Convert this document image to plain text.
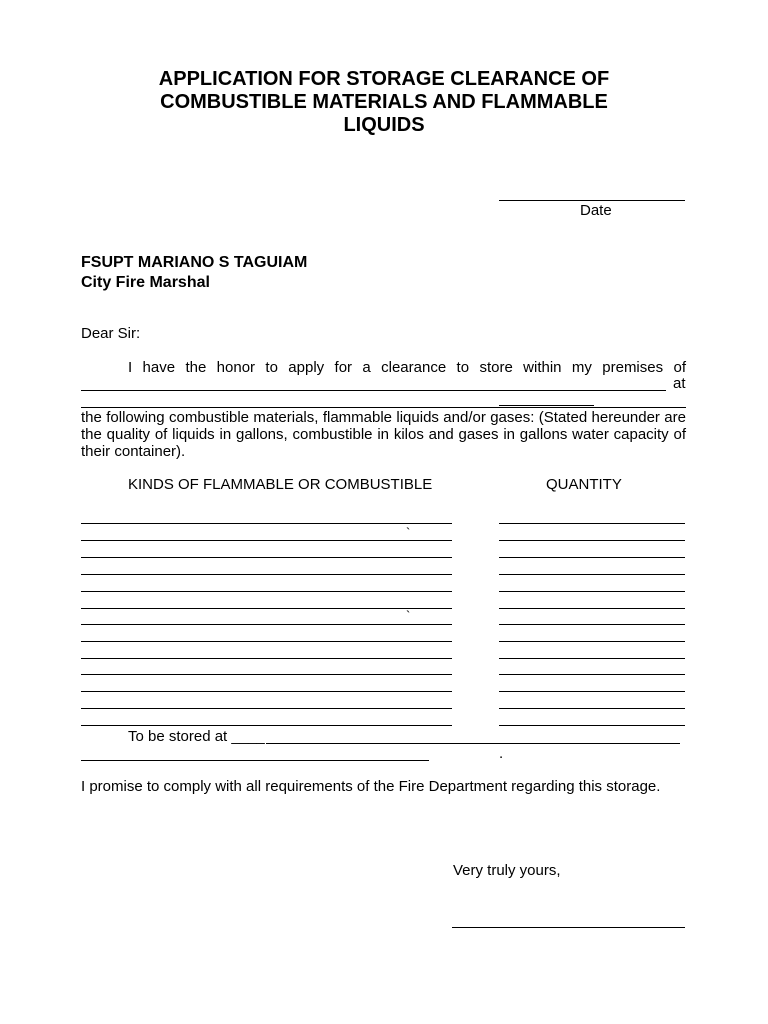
APPLICATION FOR STORAGE CLEARANCE OF
COMBUSTIBLE MATERIALS AND FLAMMABLE
LIQUIDS
Date
FSUPT MARIANO S TAGUIAM
City Fire Marshal
Dear Sir:
I have the honor to apply for a clearance to store within my premises of
at
the following combustible materials, flammable liquids and/or gases: (Stated hereunder are the quality of liquids in gallons, combustible in kilos and gases in gallons water capacity of their container).
KINDS OF FLAMMABLE OR COMBUSTIBLE	QUANTITY
`
`
To be stored at ____
.
I promise to comply with all requirements of the Fire Department regarding this storage.
Very truly yours,
